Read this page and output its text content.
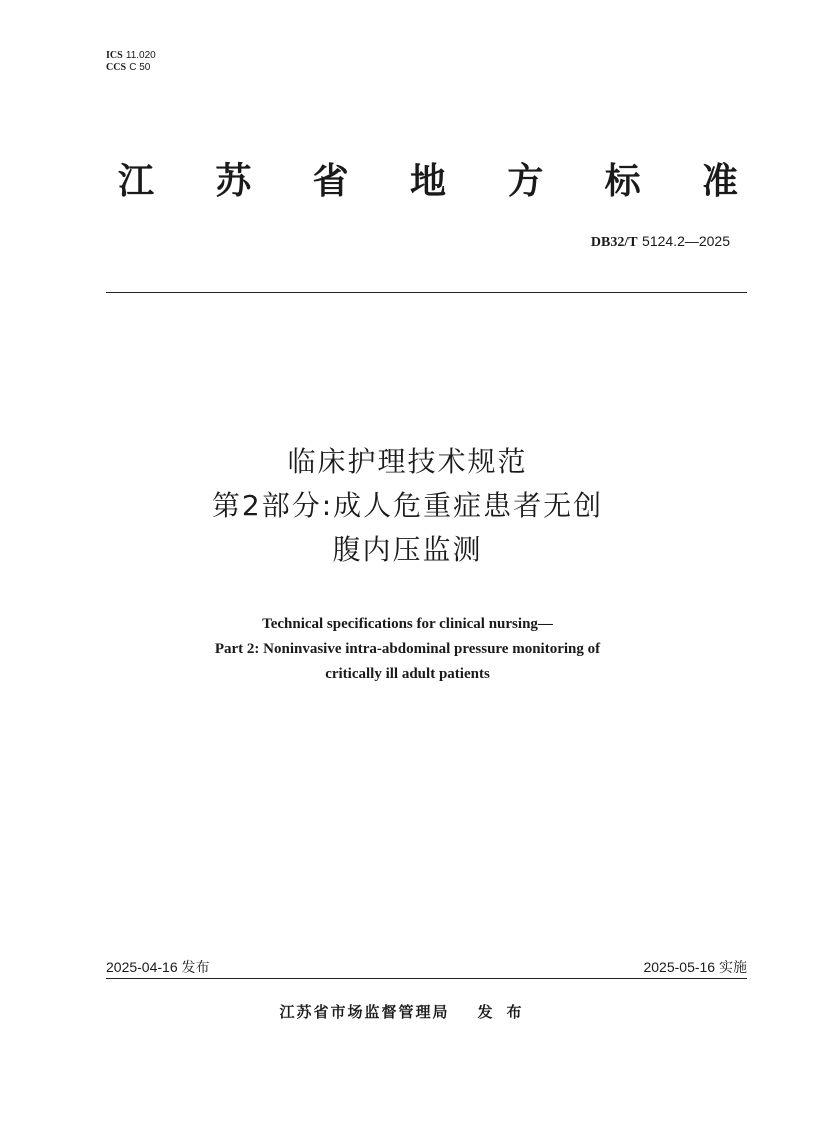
ICS 11.020
CCS C 50
江 苏 省 地 方 标 准
DB32/T 5124.2—2025
临床护理技术规范
第2部分:成人危重症患者无创
腹内压监测
Technical specifications for clinical nursing—
Part 2: Noninvasive intra-abdominal pressure monitoring of
critically ill adult patients
2025-04-16 发布	2025-05-16 实施
江苏省市场监督管理局 发布
